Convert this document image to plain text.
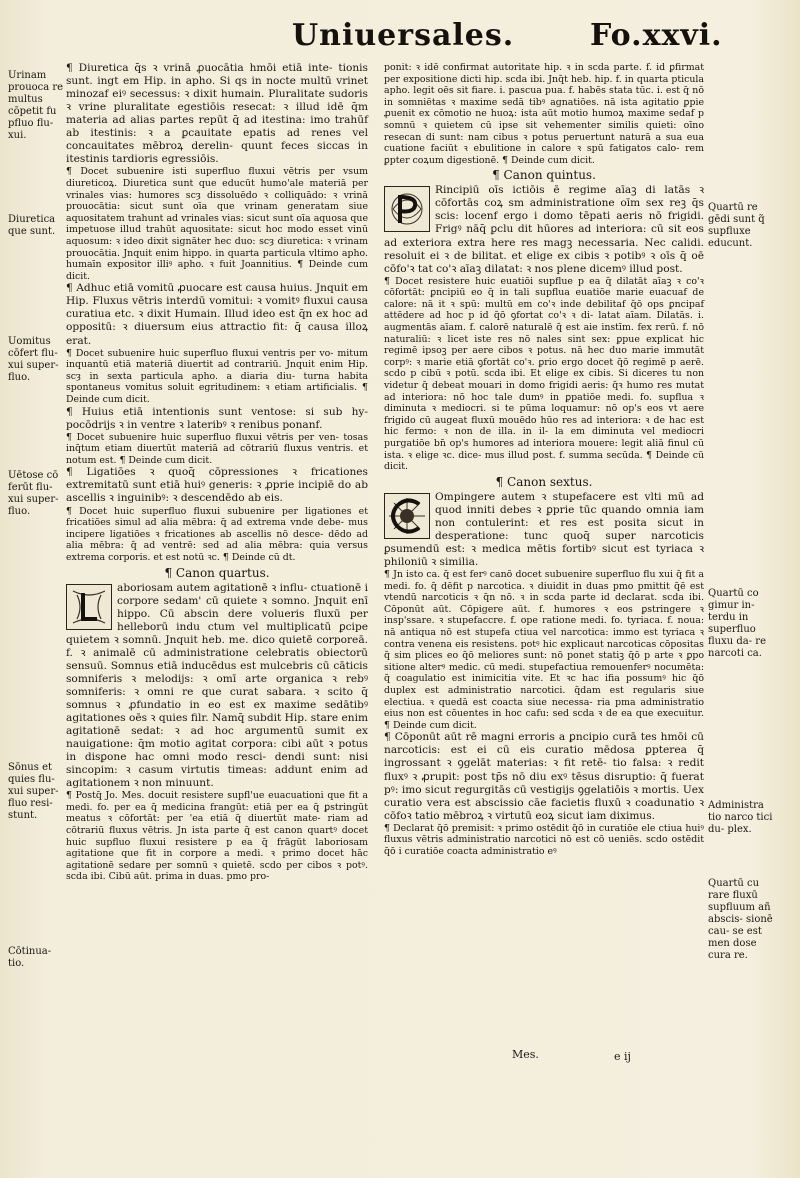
Uniuersales.	Fo.xxvi.
Urinam prouoca re multus cōpetit fu pfluo flu- xui.
Diuretica que sunt.
Uomitus cōfert flu- xui super- fluo.
Uētose cō ferūt flu- xui super- fluo.
Sōnus et quies flu- xui super- fluo resi- stunt.
Cōtinua- tio.
Quartū re gēdi sunt q̃ supfluxe educunt.
Quartū co gimur in- terdu in superfluo fluxu da- re narcoti ca.
Administra tio narco tici du- plex.
Quartū cu rare fluxū supfluum añ abscis- sionē cau- se est men dose cura re.

¶ Diuretica q̄s ꝛ vrinā ꝓuocātia hmōi etiā inte- tionis sunt. ingt em Hip. in apho. Si qs in nocte multū vrinet minozaf eiꝰ secessus: ꝛ dixit humain. Pluralitate sudoris ꝛ vrine pluralitate egestiōis resecat: ꝛ illud idē q̄m materia ad alias partes repūt q̄ ad itestina: imo trahūf ab itestinis: ꝛ a ꝑcauitate epatis ad renes vel concauitates mēbroꝝ derelin- quunt feces siccas in itestinis tardioris egressiōis.

¶ Docet subuenire isti superfluo fluxui vētris per vsum diureticoꝝ. Diuretica sunt que educūt humo'ale materiā per vrinales vias: humores scȝ dissoluēdo ꝛ colliquādo: ꝛ vrinā prouocātia: sicut sunt oīa que vrinam generatam siue aquositatem trahunt ad vrinales vias: sicut sunt oīa aquosa que impetuose illud trahūt aquositate: sicut hoc modo esset vinū aquosum: ꝛ ideo dixit signāter hec duo: scȝ diuretica: ꝛ vrinam prouocātia. Jnquit enim hippo. in quarta particula vltimo apho. humaīn expositor illiꝰ apho. ꝛ fuit Joannitius. ¶ Deinde cum dicit.

¶ Adhuc etiā vomitū ꝓuocare est causa huius. Jnquit em Hip. Fluxus vētris interdū vomitui: ꝛ vomitꝰ fluxui causa curatiua etc. ꝛ dixit Humain. Illud ideo est q̄n ex hoc ad oppositū: ꝛ diuersum eius attractio fit: q̄ causa illoꝝ erat.

¶ Docet subuenire huic superfluo fluxui ventris per vo- mitum inquantū etiā materiā diuertit ad contrariū. Jnquit enim Hip. scȝ in sexta particula apho. a diaria diu- turna habita spontaneus vomitus soluit egritudinem: ꝛ etiam artificialis. ¶ Deinde cum dicit.

¶ Huius etiā intentionis sunt ventose: si sub hy- pocōdrijs ꝛ in ventre ꝛ lateribꝰ ꝛ renibus ponanf.

¶ Docet subuenire huic superfluo fluxui vētris per ven- tosas inq̄tum etiam diuertūt materiā ad cōtrariū fluxus ventris. et notum est. ¶ Deinde cum dicit.

¶ Ligatiōes ꝛ quoq̄ cōpressiones ꝛ fricationes extremitatū sunt etiā huiꝰ generis: ꝛ ꝓprie incipiē do ab ascellis ꝛ inguinibꝰ: ꝛ descendēdo ab eis.

¶ Docet huic superfluo fluxui subuenire per ligationes et fricatiōes simul ad alia mēbra: q̄ ad extrema vnde debe- mus incipere ligatiōes ꝛ fricationes ab ascellis nō desce- dēdo ad alia mēbra: q̄ ad ventrē: sed ad alia mēbra: quia versus extrema corporis. et est notū ꝛc. ¶ Deinde cū dt.

¶ Canon quartus.

aboriosam autem agitationē ꝛ influ- ctuationē i corpore sedam' cū quiete ꝛ somno. Jnquit enī hippo. Cū abscin dere volueris fluxū per helleborū indu ctum vel multiplicatū ꝑcipe quietem ꝛ somnū. Jnquit heb. me. dico quietē corporeā. f. ꝛ animalē cū administratione celebratis obiectorū sensuū. Somnus etiā inducēdus est mulcebris cū cāticis somniferis ꝛ melodijs: ꝛ omī arte organica ꝛ rebꝰ somniferis: ꝛ omni re que curat sabara. ꝛ scito q̄ somnus ꝛ ꝓfundatio in eo est ex maxime sedātibꝰ agitationes oēs ꝛ quies filr. Namq̄ subdit Hip. stare enim agitationē sedat: ꝛ ad hoc argumentū sumit ex nauigatione: q̄m motio agitat corpora: cibi aūt ꝛ potus in disꝑone hac omni modo resci- dendi sunt: nisi sincopim: ꝛ casum virtutis timeas: addunt enim ad agitationem ꝛ non minuunt.

¶ Postq̄ Jo. Mes. docuit resistere supfl'ue euacuationi que fit a medi. fo. per ea q̄ medicina frangūt: etiā per ea q̄ ꝑstringūt meatus ꝛ cōfortāt: per 'ea etiā q̄ diuertūt mate- riam ad cōtrariū fluxus vētris. Jn ista parte q̄ est canon quartꝰ docet huic supfluo fluxui resistere p ea q̄ frāgūt laboriosam agitatione que fit in corpore a medi. ꝛ primo docet hāc agitationē sedare per somnū ꝛ quietē. scdo per cibos ꝛ potꝰ. scda ibi. Cibū aūt. prima in duas. pmo pro-

ponit: ꝛ idē confirmat autoritate hip. ꝛ in scda parte. f. id ꝑfirmat per expositione dicti hip. scda ibi. Jnq̄t heb. hip. f. in quarta pticula apho. legit oēs sit fiare. i. pascua pua. f. habēs stata tūc. i. est q̄ nō in somniētas ꝛ maxime sedā tibꝰ agnatiōes. nā ista agitatio ꝑpie ꝓuenit ex cōmotio ne huoꝝ: ista aūt motio humoꝝ maxime sedaf p somnū ꝛ quietem cū ipse sit vehementer similis quieti: oīno resecan di sunt: nam cibus ꝛ potus peruertunt naturā a sua eua cuatione faciūt ꝛ ebulitione in calore ꝛ spū fatigatos calo- rem ꝑpter coꝝum digestionē. ¶ Deinde cum dicit.

¶ Canon quintus.

Rincipiū oīs ictiōis ē regime aīaꝫ di latās ꝛ cōfortās coꝝ sm administratione oīm sex reꝫ q̄s scis: locenf ergo i domo tēpati aeris nō frigidi. Frigꝰ nāq̄ ꝑclu dit hūores ad interiora: cū sit eos ad exteriora extra here res magꝫ necessaria. Nec calidi. resoluit ei ꝛ de bilitat. et elige ex cibis ꝛ potibꝰ ꝛ oīs q̄ oē cōfo'ꝛ tat co'ꝛ aīaꝫ dilatat: ꝛ nos plene dicemꝰ illud post.

¶ Docet resistere huic euatiōi supflue p ea q̄ dilatāt aīaꝫ ꝛ co'ꝛ cōfortāt: ꝑncipiū eo q̄ in tali supflua euatiōe marie euacuaf de calore: nā it ꝛ spū: multū em co'ꝛ inde debilitaf q̄ō ops ꝑncipaf attēdere ad hoc p id q̄ō ꝯfortat co'ꝛ ꝛ di- latat aīam. Dilatās. i. augmentās aīam. f. calorē naturalē q̄ est aie instīm. fex rerū. f. nō naturaliū: ꝛ licet iste res nō nales sint sex: ꝑpue explicat hic regimē ipsoꝫ per aere cibos ꝛ potus. nā hec duo marie immutāt corpꝰ: ꝛ marie etiā ꝯfortāt co'ꝛ. ꝑrio ergo docet q̄ō regimē p aerē. scdo p cibū ꝛ potū. scda ibi. Et elige ex cibis. Si diceres tu non videtur q̄ debeat mouari in domo frigidi aeris: q̄ꝛ humo res mutat ad interiora: nō hoc tale dumꝰ in ꝑpatiōe medi. fo. supflua ꝛ diminuta ꝛ mediocri. si te pūma loquamur: nō op's eos vt aere frigido cū augeat fluxū mouēdo hūo res ad interiora: ꝛ de hac est hic fermo: ꝛ non de illa. in il- la em diminuta vel mediocri purgatiōe bn̄ op's humores ad interiora mouere: legit aliā finul cū ista. ꝛ elige ꝛc. dice- mus illud post. f. summa secūda. ¶ Deinde cū dicit.

¶ Canon sextus.

Ompingere autem ꝛ stupefacere est vlti mū ad quod inniti debes ꝛ ꝑprie tūc quando omnia iam non contulerint: et res est posita sicut in desperatione: tunc quoq̄ super narcoticis ꝑsumendū est: ꝛ medica mētis fortibꝰ sicut est tyriaca ꝛ philoniū ꝛ similia.

¶ Jn isto ca. q̄ est ferꝰ canō docet subuenire superfluo flu xui q̄ fit a medi. fo. q̄ dēfit p narcotica. ꝛ diuidit in duas pmo pmittit q̄ē est vtendū narcoticis ꝛ q̄n nō. ꝛ in scda parte id declarat. scda ibi. Cōponūt aūt. Cōpigere aūt. f. humores ꝛ eos ꝑstringere ꝛ insp'ssare. ꝛ stupefaccre. f. ope ratione medi. fo. tyriaca. f. noua: nā antiqua nō est stupefa ctiua vel narcotica: immo est tyriaca ꝛ contra venena eis resistens. potꝰ hic explicaut narcoticas cōpositas q̄ sim plices eo q̄ō meliores sunt: nō ponet statiꝫ q̄ō p arte ꝛ ꝑpo sitione alterꝰ medic. cū medi. stupefactiua remouenferꝰ nocumēta: q̄ coagulatio est inimicitia vite. Et ꝛc hac ifia possumꝰ hic q̄ō duplex est administratio narcotici. q̄dam est regularis siue electiua. ꝛ quedā est coacta siue necessa- ria pma administratio eius non est cōuentes in hoc cafu: sed scda ꝛ de ea que execuitur. ¶ Deinde cum dicit.

¶ Cōponūt aūt rē magni erroris a ꝑncipio curā tes hmōi cū narcoticis: est ei cū eis curatio mēdosa ꝑpterea q̄ ingrossant ꝛ ꝯgelāt materias: ꝛ fit retē- tio falsa: ꝛ redit fluxꝰ ꝛ ꝓrupit: post tp̄s nō diu exꝰ tēsus disruptio: q̄ fuerat pꝰ: imo sicut regurgitās cū vestigijs ꝯgelatiōis ꝛ mortis. Uex curatio vera est abscissio cāe facietis fluxū ꝛ coadunatio ꝛ cōfoꝛ tatio mēbroꝝ ꝛ virtutū eoꝝ sicut iam diximus.

¶ Declarat q̄ō premisit: ꝛ primo ostēdit q̄ō in curatiōe ele ctiua huiꝰ fluxus vētris administratio narcotici nō est cō ueniēs. scdo ostēdit q̄ō i curatiōe coacta administratio eꝰ

Mes.	e ij
